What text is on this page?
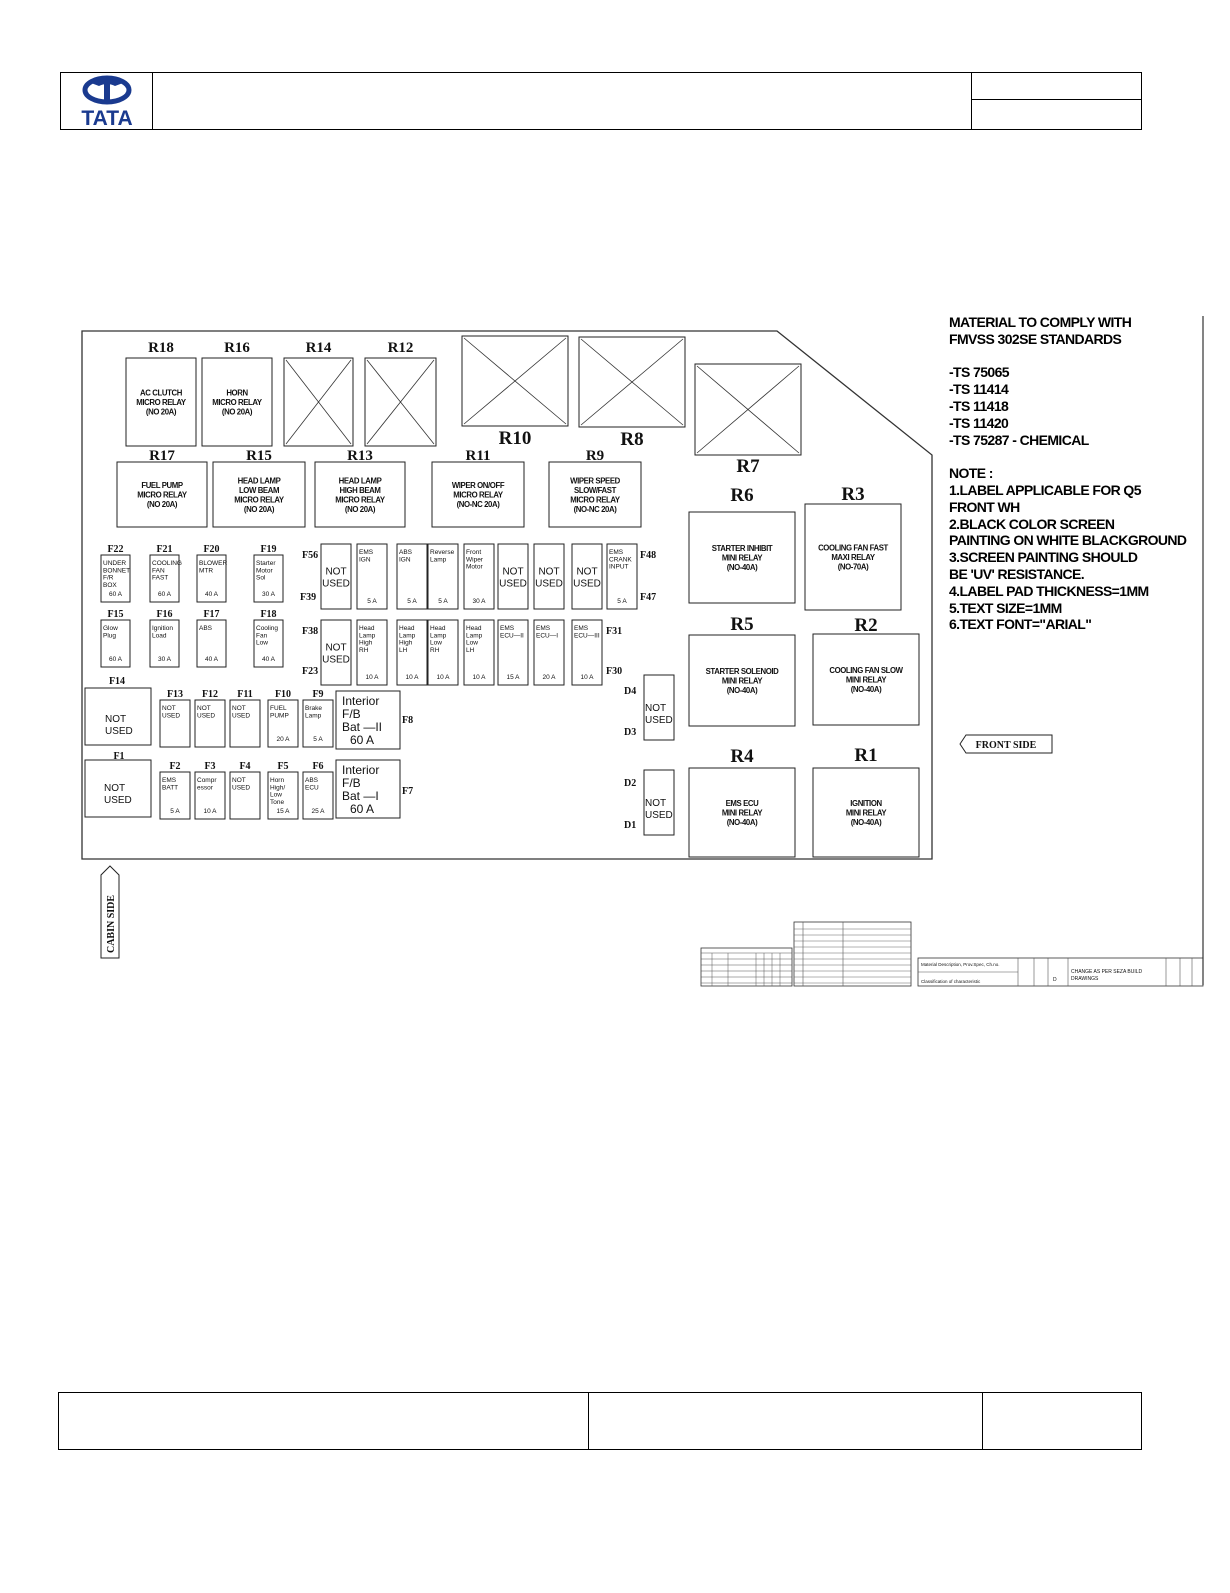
TATA
R18
AC CLUTCH
MICRO RELAY
(NO 20A)
R16
HORN
MICRO RELAY
(NO 20A)
R14	R12
R10	R8
R7
R17
FUEL PUMP
MICRO RELAY
(NO 20A)
R15
HEAD LAMP
LOW BEAM
MICRO RELAY
(NO 20A)
R13
HEAD LAMP
HIGH BEAM
MICRO RELAY
(NO 20A)
R11
WIPER ON/OFF
MICRO RELAY
(NO-NC 20A)
R9
WIPER SPEED
SLOW/FAST
MICRO RELAY
(NO-NC 20A)
R6
STARTER INHIBIT
MINI RELAY
(NO-40A)
R3
COOLING FAN FAST
MAXI RELAY
(NO-70A)
R5
STARTER SOLENOID
MINI RELAY
(NO-40A)
R2
COOLING FAN SLOW
MINI RELAY
(NO-40A)
R4
EMS ECU
MINI RELAY
(NO-40A)
R1
IGNITION
MINI RELAY
(NO-40A)
UNDER
BONNET
F/R
BOX
60 A
F22
COOLING
FAN
FAST
60 A
F21
BLOWER
MTR
40 A
F20
Starter
Motor
Sol
30 A
F19
Glow
Plug
60 A
F15
Ignition
Load
30 A
F16
ABS
40 A
F17
Cooling
Fan
Low
40 A
F18
NOT
USED
EMS
IGN
5 A
ABS
IGN
5 A
Reverse
Lamp
5 A
Front
Wiper
Motor
30 A
NOT
USED
NOT
USED
NOT
USED
EMS
CRANK
INPUT
5 A
NOT
USED
Head
Lamp
High
RH
10 A
Head
Lamp
High
LH
10 A
Head
Lamp
Low
RH
10 A
Head
Lamp
Low
LH
10 A
EMS
ECU—II
15 A
EMS
ECU—I
20 A
EMS
ECU—III
10 A
F56
F39
F48
F47
F38
F23
F31
F30
NOT
USED
F13
NOT
USED
F12
NOT
USED
F11
FUEL
PUMP
20 A
F10
Brake
Lamp
5 A
F9
EMS
BATT
5 A
F2
Compr
essor
10 A
F3
NOT
USED
F4
Horn
High/
Low
Tone
15 A
F5
ABS
ECU
25 A
F6
F14
NOT
USED
F1
NOT
USED
Interior
F/B
Bat —II
60 A
F8
Interior
F/B
Bat —I
60 A
F7
NOT
USED
D4
D3
NOT
USED
D2
D1
FRONT SIDE
CABIN SIDE
Material Description, Prov.Spec, Ch.no.
Classification of characteristic	D
CHANGE AS PER SEZA BUILD
DRAWINGS
MATERIAL TO COMPLY WITH
FMVSS 302SE STANDARDS
-TS 75065
-TS 11414
-TS 11418
-TS 11420
-TS 75287 - CHEMICAL
NOTE :
1.LABEL APPLICABLE FOR Q5
FRONT WH
2.BLACK COLOR SCREEN
PAINTING ON WHITE BLACKGROUND
3.SCREEN PAINTING SHOULD
BE 'UV' RESISTANCE.
4.LABEL PAD THICKNESS=1MM
5.TEXT SIZE=1MM
6.TEXT FONT="ARIAL"
